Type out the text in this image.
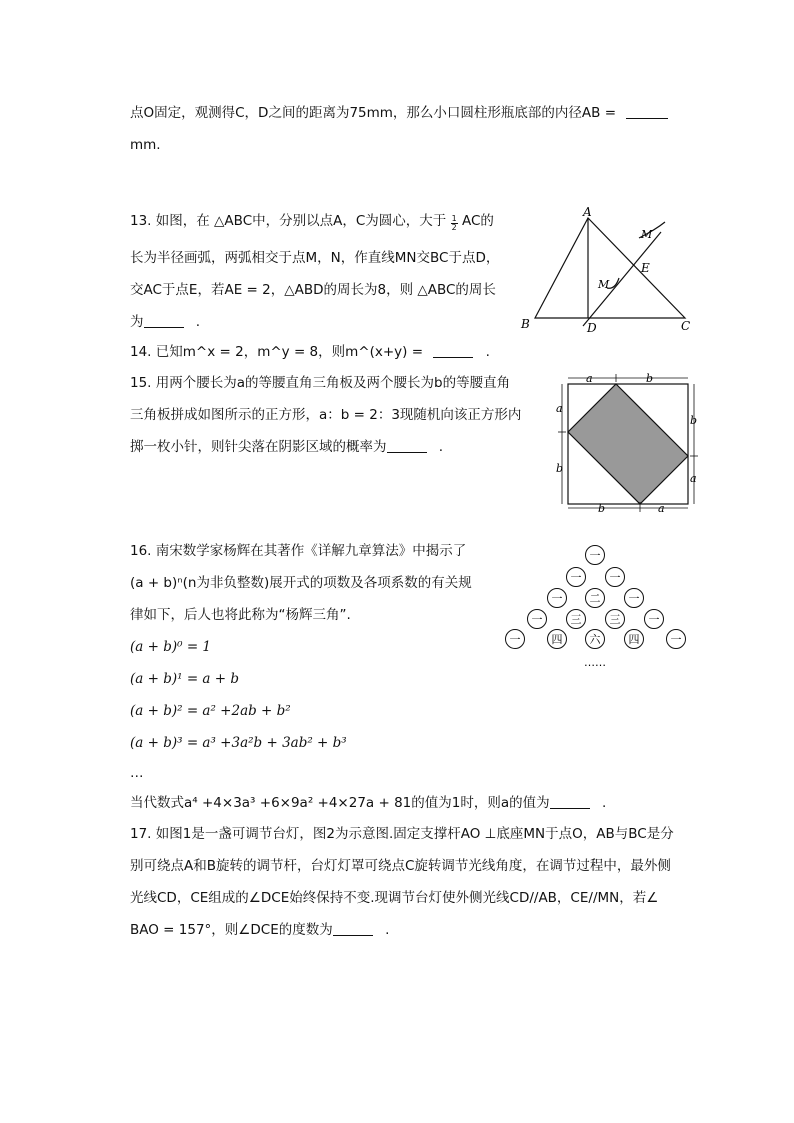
点O固定，观测得C，D之间的距离为75mm，那么小口圆柱形瓶底部的内径AB =
mm.
13. 如图，在 △ABC中，分别以点A，C为圆心，大于 $\frac{1}{2}$ AC的
长为半径画弧，两弧相交于点M，N，作直线MN交BC于点D，
交AC于点E，若AE = 2，△ABD的周长为8，则 △ABC的周长
为	.
A
B	C
D
E
M
M
14. 已知m^x = 2，m^y = 8，则m^(x+y) =	.
15. 用两个腰长为a的等腰直角三角板及两个腰长为b的等腰直角
三角板拼成如图所示的正方形，a：b = 2：3现随机向该正方形内
掷一枚小针，则针尖落在阴影区域的概率为	.
a	b
a
b
b
a
b	a
16. 南宋数学家杨辉在其著作《详解九章算法》中揭示了
(a + b)ⁿ(n为非负整数)展开式的项数及各项系数的有关规
律如下，后人也将此称为“杨辉三角”.
(a + b)⁰ = 1
(a + b)¹ = a + b
(a + b)² = a² +2ab + b²
(a + b)³ = a³ +3a²b + 3ab² + b³
…
当代数式a⁴ +4×3a³ +6×9a² +4×27a + 81的值为1时，则a的值为	.
一
一	一
一 二	一
一	三	三	一
一	四 六	四	一
……
17. 如图1是一盏可调节台灯，图2为示意图.固定支撑杆AO ⊥底座MN于点O，AB与BC是分
别可绕点A和B旋转的调节杆，台灯灯罩可绕点C旋转调节光线角度，在调节过程中，最外侧
光线CD，CE组成的∠DCE始终保持不变.现调节台灯使外侧光线CD//AB，CE//MN，若∠
BAO = 157°，则∠DCE的度数为	.
